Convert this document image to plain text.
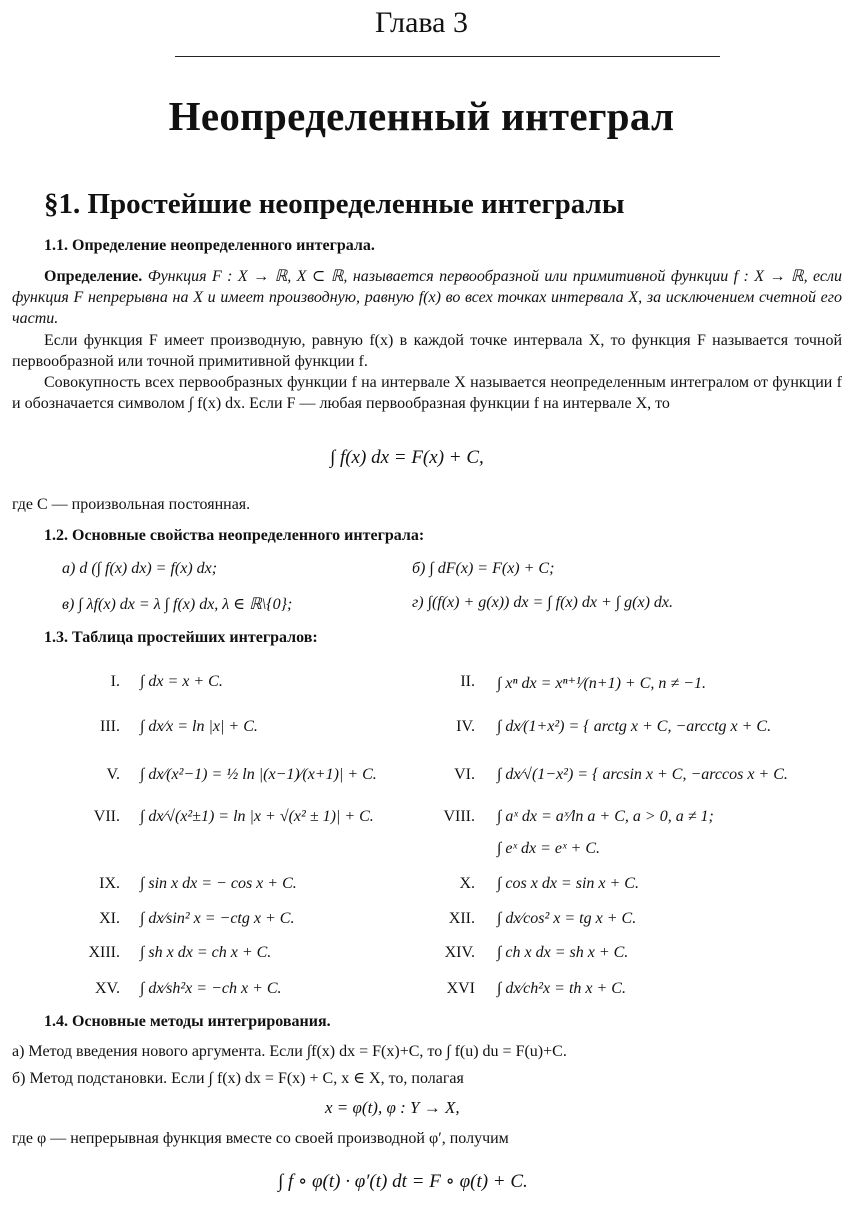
Глава 3
Неопределенный интеграл
§1. Простейшие неопределенные интегралы
1.1. Определение неопределенного интеграла.
Определение. Функция F : X → ℝ, X ⊂ ℝ, называется первообразной или примитивной функции f : X → ℝ, если функция F непрерывна на X и имеет производную, равную f(x) во всех точках интервала X, за исключением счетной его части.
Если функция F имеет производную, равную f(x) в каждой точке интервала X, то функция F называется точной первообразной или точной примитивной функции f.
Совокупность всех первообразных функции f на интервале X называется неопределенным интегралом от функции f и обозначается символом ∫ f(x) dx. Если F — любая первообразная функции f на интервале X, то
∫ f(x) dx = F(x) + C,
где C — произвольная постоянная.
1.2. Основные свойства неопределенного интеграла:
а) d (∫ f(x) dx) = f(x) dx;	б) ∫ dF(x) = F(x) + C;
в) ∫ λf(x) dx = λ ∫ f(x) dx, λ ∈ ℝ\{0};	г) ∫(f(x) + g(x)) dx = ∫ f(x) dx + ∫ g(x) dx.
1.3. Таблица простейших интегралов:
I. ∫ dx = x + C.	II. ∫ xⁿ dx = xⁿ⁺¹⁄(n+1) + C, n ≠ −1.
III. ∫ dx⁄x = ln |x| + C.	IV. ∫ dx⁄(1+x²) = { arctg x + C, −arcctg x + C.
V. ∫ dx⁄(x²−1) = ½ ln |(x−1)⁄(x+1)| + C.	VI. ∫ dx⁄√(1−x²) = { arcsin x + C, −arccos x + C.
VII. ∫ dx⁄√(x²±1) = ln |x + √(x² ± 1)| + C.	VIII. ∫ aˣ dx = aˣ⁄ln a + C, a > 0, a ≠ 1;
∫ eˣ dx = eˣ + C.
IX. ∫ sin x dx = − cos x + C.	X. ∫ cos x dx = sin x + C.
XI. ∫ dx⁄sin² x = −ctg x + C.	XII. ∫ dx⁄cos² x = tg x + C.
XIII. ∫ sh x dx = ch x + C.	XIV. ∫ ch x dx = sh x + C.
XV. ∫ dx⁄sh²x = −ch x + C.	XVI ∫ dx⁄ch²x = th x + C.
1.4. Основные методы интегрирования.
а) Метод введения нового аргумента. Если ∫f(x) dx = F(x)+C, то ∫ f(u) du = F(u)+C.
б) Метод подстановки. Если ∫ f(x) dx = F(x) + C, x ∈ X, то, полагая
x = φ(t), φ : Y → X,
где φ — непрерывная функция вместе со своей производной φ′, получим
∫ f ∘ φ(t) · φ′(t) dt = F ∘ φ(t) + C.
